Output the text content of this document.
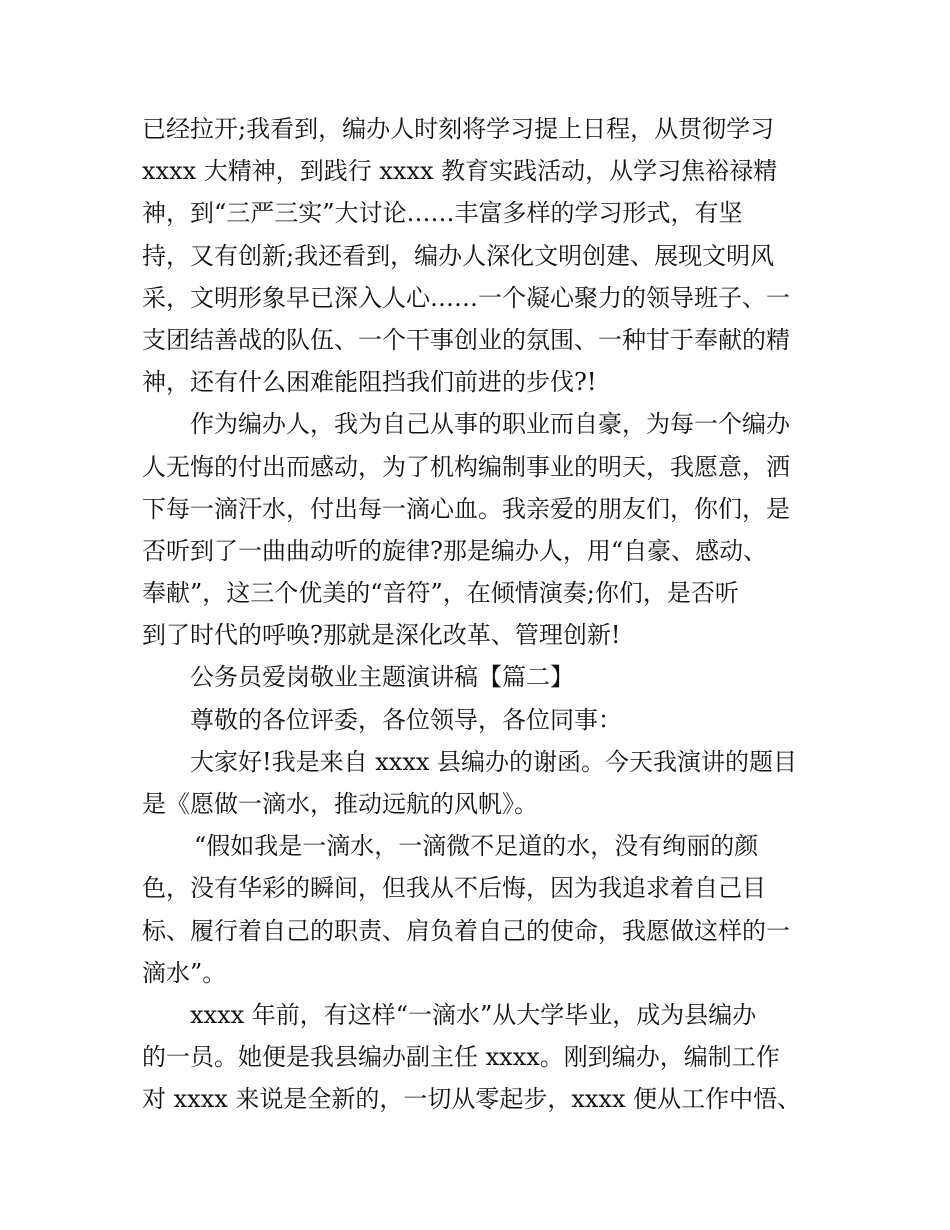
已经拉开;我看到，编办人时刻将学习提上日程，从贯彻学习
xxxx 大精神，到践行 xxxx 教育实践活动，从学习焦裕禄精
神，到“三严三实”大讨论……丰富多样的学习形式，有坚
持，又有创新;我还看到，编办人深化文明创建、展现文明风
采，文明形象早已深入人心……一个凝心聚力的领导班子、一
支团结善战的队伍、一个干事创业的氛围、一种甘于奉献的精
神，还有什么困难能阻挡我们前进的步伐?!
作为编办人，我为自己从事的职业而自豪，为每一个编办
人无悔的付出而感动，为了机构编制事业的明天，我愿意，洒
下每一滴汗水，付出每一滴心血。我亲爱的朋友们，你们，是
否听到了一曲曲动听的旋律?那是编办人，用“自豪、感动、
奉献”，这三个优美的“音符”，在倾情演奏;你们，是否听
到了时代的呼唤?那就是深化改革、管理创新!
公务员爱岗敬业主题演讲稿【篇二】
尊敬的各位评委，各位领导，各位同事：
大家好!我是来自 xxxx 县编办的谢函。今天我演讲的题目
是《愿做一滴水，推动远航的风帆》。
“假如我是一滴水，一滴微不足道的水，没有绚丽的颜
色，没有华彩的瞬间，但我从不后悔，因为我追求着自己目
标、履行着自己的职责、肩负着自己的使命，我愿做这样的一
滴水”。
xxxx 年前，有这样“一滴水”从大学毕业，成为县编办
的一员。她便是我县编办副主任 xxxx。刚到编办，编制工作
对 xxxx 来说是全新的，一切从零起步，xxxx 便从工作中悟、
